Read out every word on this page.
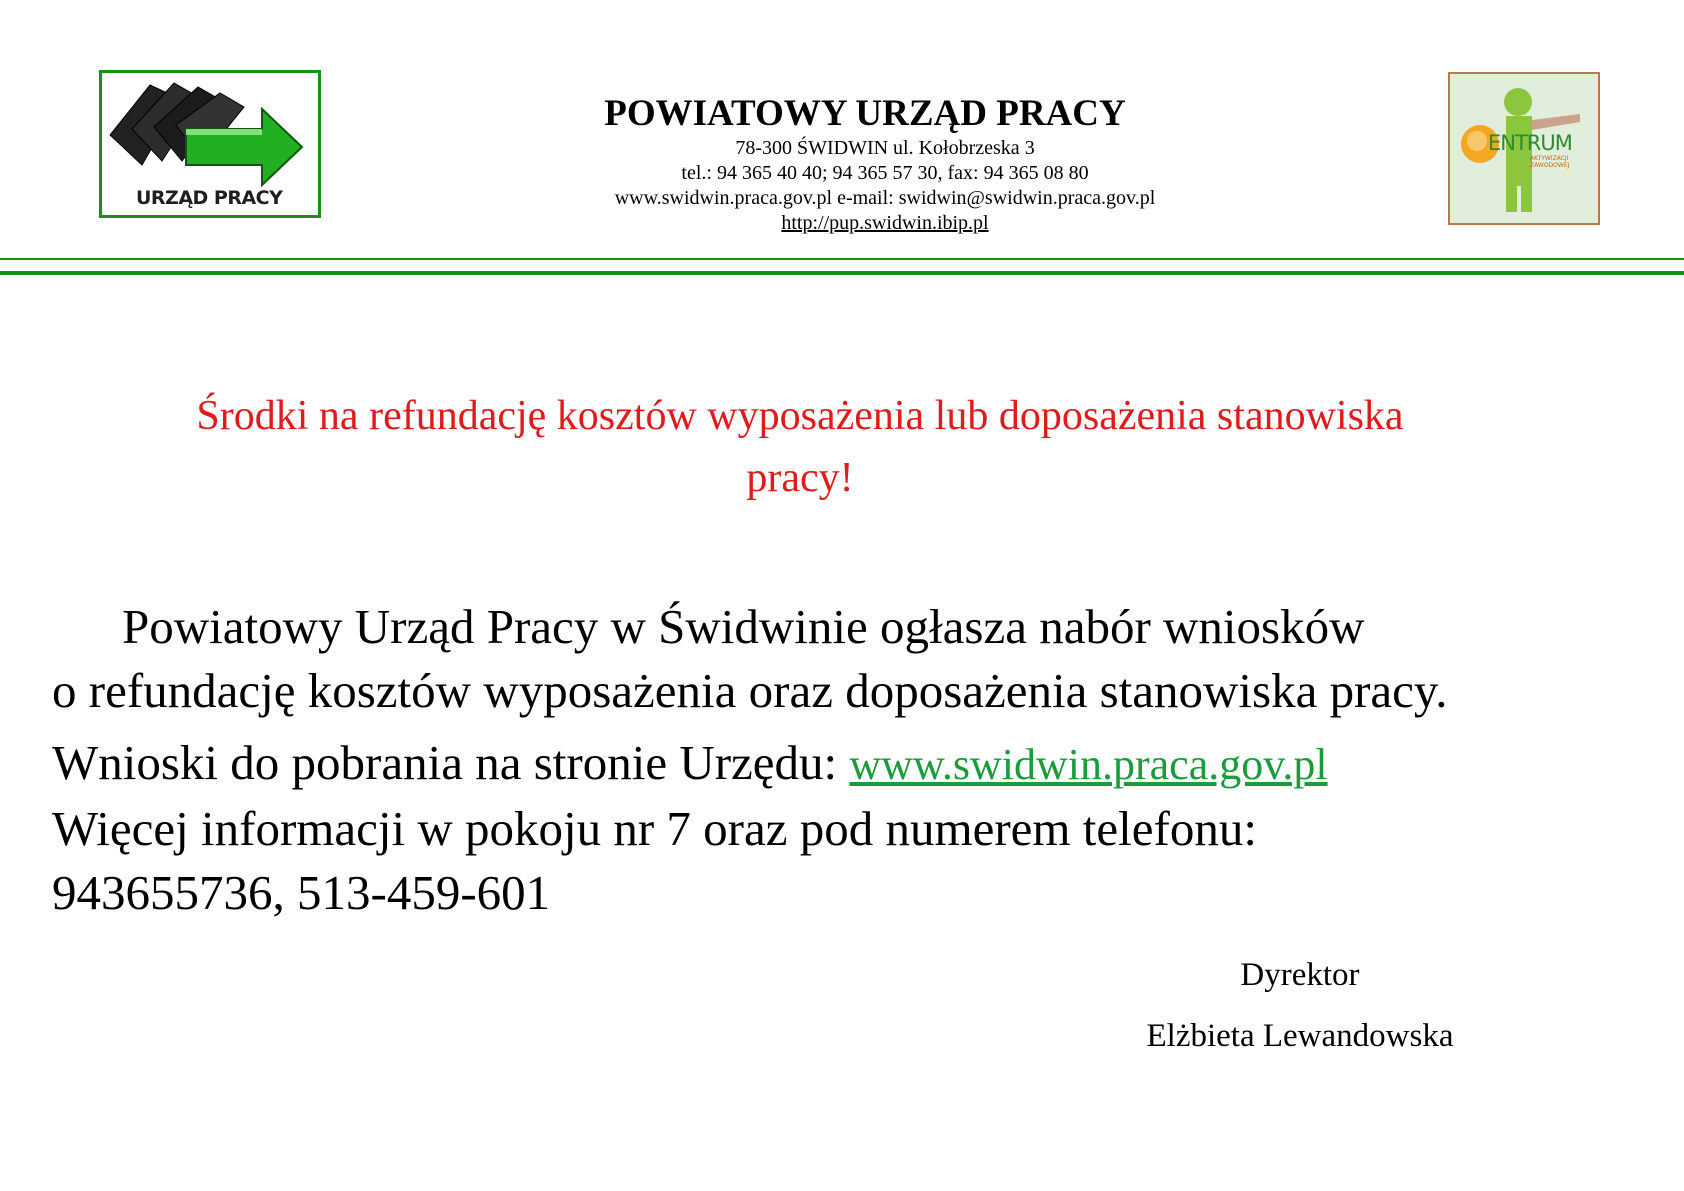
URZĄD PRACY
POWIATOWY URZĄD PRACY
78-300 ŚWIDWIN ul. Kołobrzeska 3
tel.: 94 365 40 40; 94 365 57 30, fax: 94 365 08 80
www.swidwin.praca.gov.pl e-mail: swidwin@swidwin.praca.gov.pl
http://pup.swidwin.ibip.pl
ENTRUM
AKTYWIZACJI
ZAWODOWEJ
Środki na refundację kosztów wyposażenia lub doposażenia stanowiska
pracy!

Powiatowy Urząd Pracy w Świdwinie ogłasza nabór wniosków

o refundację kosztów wyposażenia oraz doposażenia stanowiska pracy.

Wnioski do pobrania na stronie Urzędu: www.swidwin.praca.gov.pl

Więcej informacji w pokoju nr 7 oraz pod numerem telefonu:

943655736, 513-459-601

Dyrektor
Elżbieta Lewandowska
